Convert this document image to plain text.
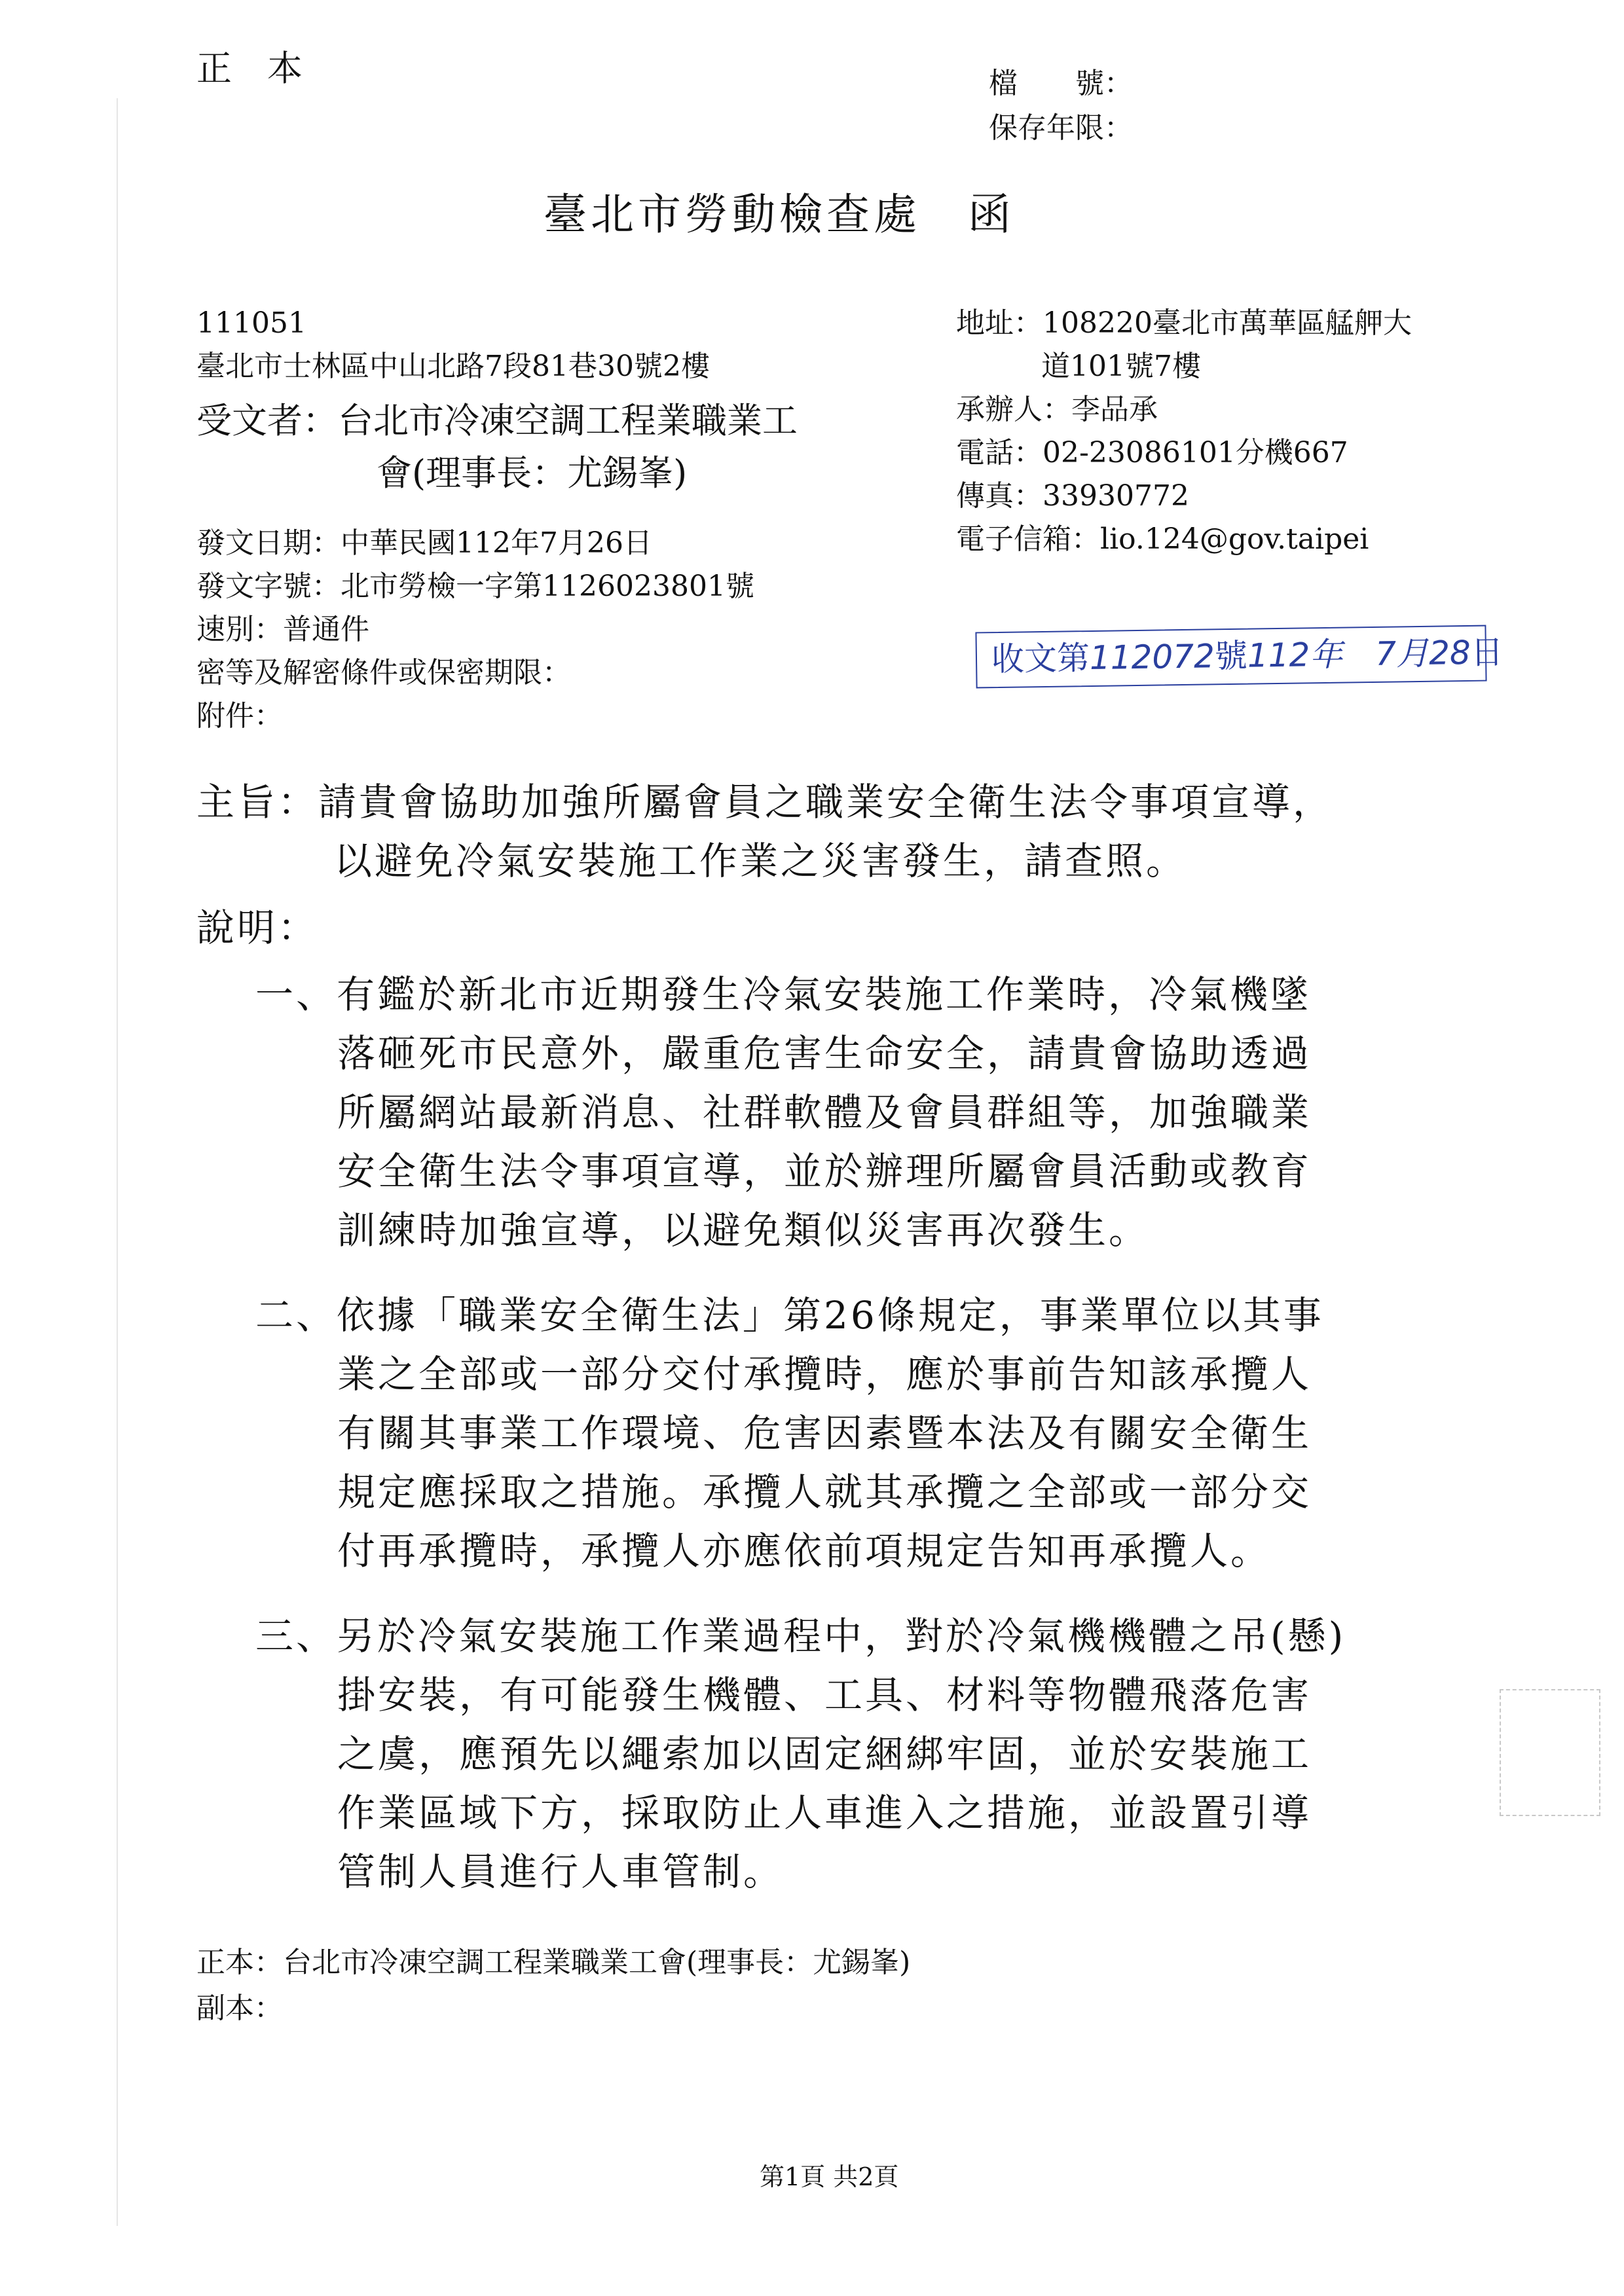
正　本	檔　　號：
保存年限：
臺北市勞動檢查處　函
111051
臺北市士林區中山北路7段81巷30號2樓
受文者：台北市冷凍空調工程業職業工
會(理事長：尤錫峯)
地址：108220臺北市萬華區艋舺大
道101號7樓
承辦人：李品承
電話：02-23086101分機667
傳真：33930772
電子信箱：lio.124@gov.taipei
發文日期：中華民國112年7月26日
發文字號：北市勞檢一字第1126023801號
速別：普通件
密等及解密條件或保密期限：
附件：
收文第112072號112年　7月28日
主旨：請貴會協助加強所屬會員之職業安全衛生法令事項宣導，
以避免冷氣安裝施工作業之災害發生，請查照。
說明：
一、有鑑於新北市近期發生冷氣安裝施工作業時，冷氣機墜
落砸死市民意外，嚴重危害生命安全，請貴會協助透過
所屬網站最新消息、社群軟體及會員群組等，加強職業
安全衛生法令事項宣導，並於辦理所屬會員活動或教育
訓練時加強宣導，以避免類似災害再次發生。
二、依據「職業安全衛生法」第26條規定，事業單位以其事
業之全部或一部分交付承攬時，應於事前告知該承攬人
有關其事業工作環境、危害因素暨本法及有關安全衛生
規定應採取之措施。承攬人就其承攬之全部或一部分交
付再承攬時，承攬人亦應依前項規定告知再承攬人。
三、另於冷氣安裝施工作業過程中，對於冷氣機機體之吊(懸)
掛安裝，有可能發生機體、工具、材料等物體飛落危害
之虞，應預先以繩索加以固定綑綁牢固，並於安裝施工
作業區域下方，採取防止人車進入之措施，並設置引導
管制人員進行人車管制。
正本：台北市冷凍空調工程業職業工會(理事長：尤錫峯)
副本：
第1頁 共2頁
